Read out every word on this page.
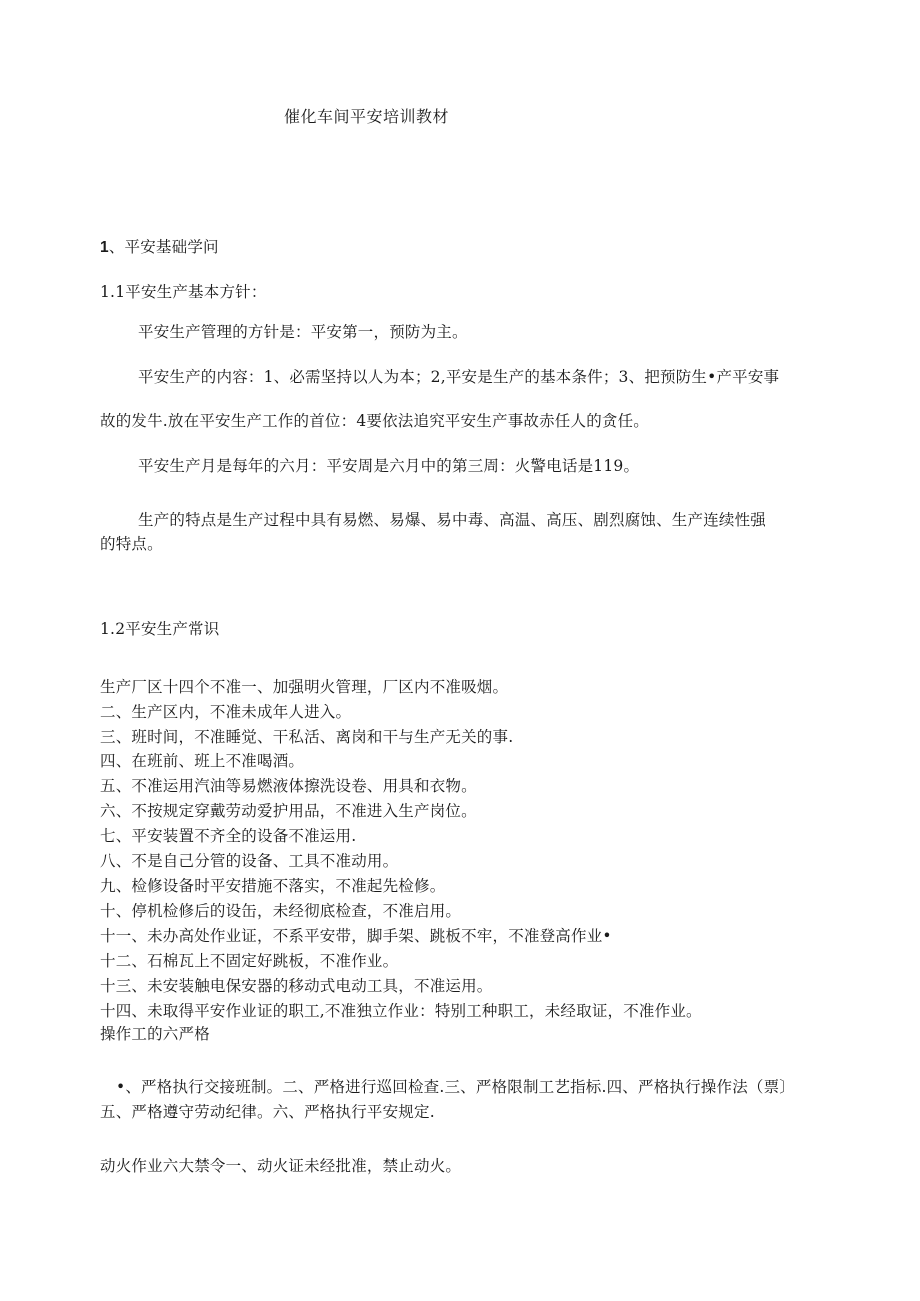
催化车间平安培训教材
1、平安基础学问
1.1平安生产基本方针：
平安生产管理的方针是：平安第一，预防为主。
平安生产的内容：1、必需坚持以人为本；2,平安是生产的基本条件；3、把预防生•产平安事
故的发牛.放在平安生产工作的首位：4要依法追究平安生产事故赤任人的贪任。
平安生产月是每年的六月：平安周是六月中的第三周：火警电话是119。
生产的特点是生产过程中具有易燃、易爆、易中毒、高温、高压、剧烈腐蚀、生产连续性强
的特点。
1.2平安生产常识
生产厂区十四个不准一、加强明火管理，厂区内不准吸烟。
二、生产区内，不准未成年人进入。
三、班时间，不准睡觉、干私活、离岗和干与生产无关的事.
四、在班前、班上不准喝酒。
五、不准运用汽油等易燃液体擦洗设卷、用具和衣物。
六、不按规定穿戴劳动爱护用品，不准进入生产岗位。
七、平安装置不齐全的设备不准运用.
八、不是自己分管的设备、工具不准动用。
九、检修设备时平安措施不落实，不准起先检修。
十、停机检修后的设缶，未经彻底检查，不准启用。
十一、未办高处作业证，不系平安带，脚手架、跳板不牢，不准登高作业•
十二、石棉瓦上不固定好跳板，不准作业。
十三、未安装触电保安器的移动式电动工具，不准运用。
十四、未取得平安作业证的职工,不准独立作业：特别工种职工，未经取证，不准作业。
操作工的六严格
•、严格执行交接班制。二、严格进行巡回检查.三、严格限制工艺指标.四、严格执行操作法（票〕
五、严格遵守劳动纪律。六、严格执行平安规定.
动火作业六大禁令一、动火证未经批准，禁止动火。
